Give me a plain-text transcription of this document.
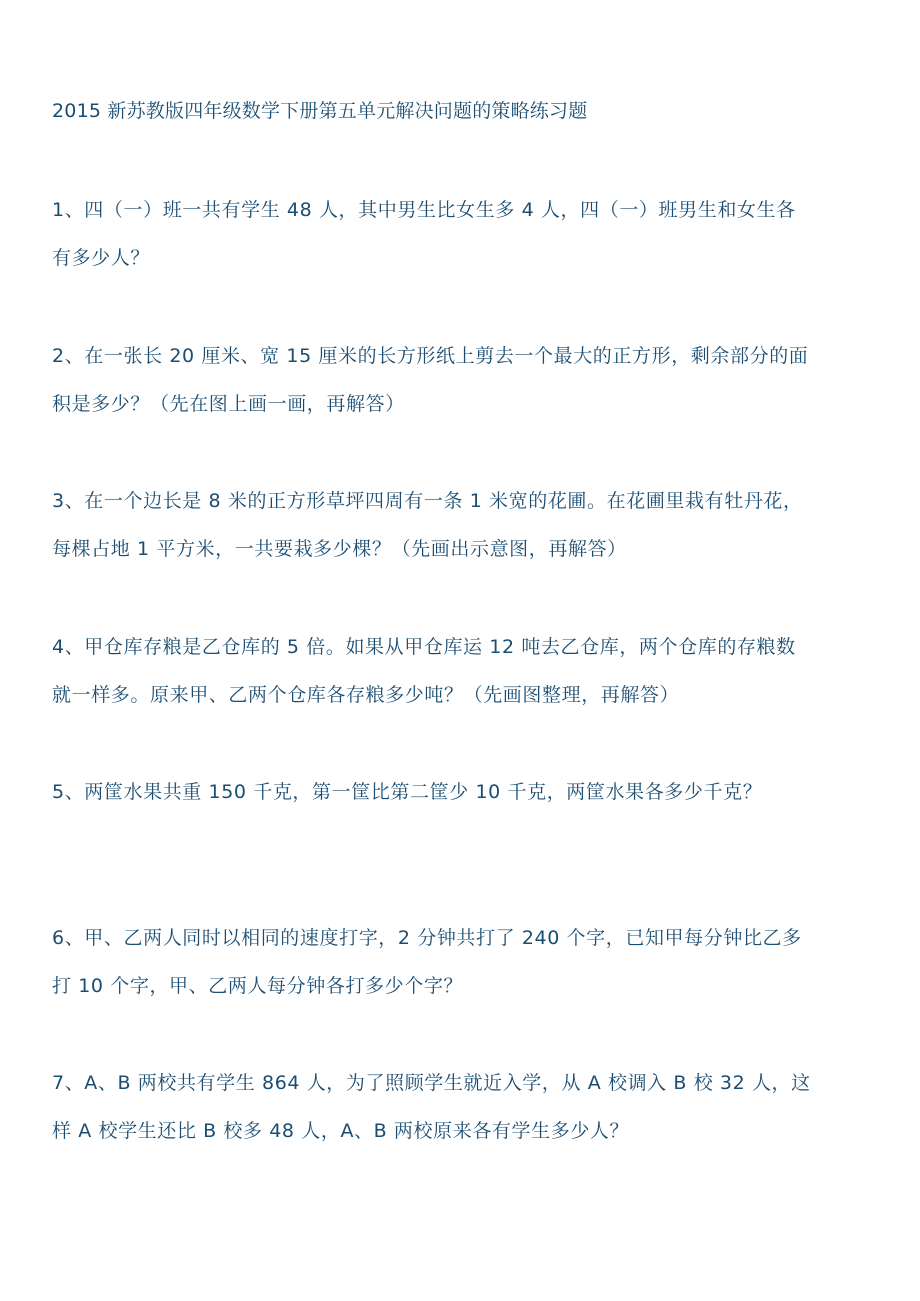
2015 新苏教版四年级数学下册第五单元解决问题的策略练习题
1、四（一）班一共有学生 48 人，其中男生比女生多 4 人，四（一）班男生和女生各
有多少人？
2、在一张长 20 厘米、宽 15 厘米的长方形纸上剪去一个最大的正方形，剩余部分的面
积是多少？（先在图上画一画，再解答）
3、在一个边长是 8 米的正方形草坪四周有一条 1 米宽的花圃。在花圃里栽有牡丹花，
每棵占地 1 平方米，一共要栽多少棵？（先画出示意图，再解答）
4、甲仓库存粮是乙仓库的 5 倍。如果从甲仓库运 12 吨去乙仓库，两个仓库的存粮数
就一样多。原来甲、乙两个仓库各存粮多少吨？（先画图整理，再解答）
5、两筐水果共重 150 千克，第一筐比第二筐少 10 千克，两筐水果各多少千克？
6、甲、乙两人同时以相同的速度打字，2 分钟共打了 240 个字，已知甲每分钟比乙多
打 10 个字，甲、乙两人每分钟各打多少个字？
7、A、B 两校共有学生 864 人，为了照顾学生就近入学，从 A 校调入 B 校 32 人，这
样 A 校学生还比 B 校多 48 人，A、B 两校原来各有学生多少人？
